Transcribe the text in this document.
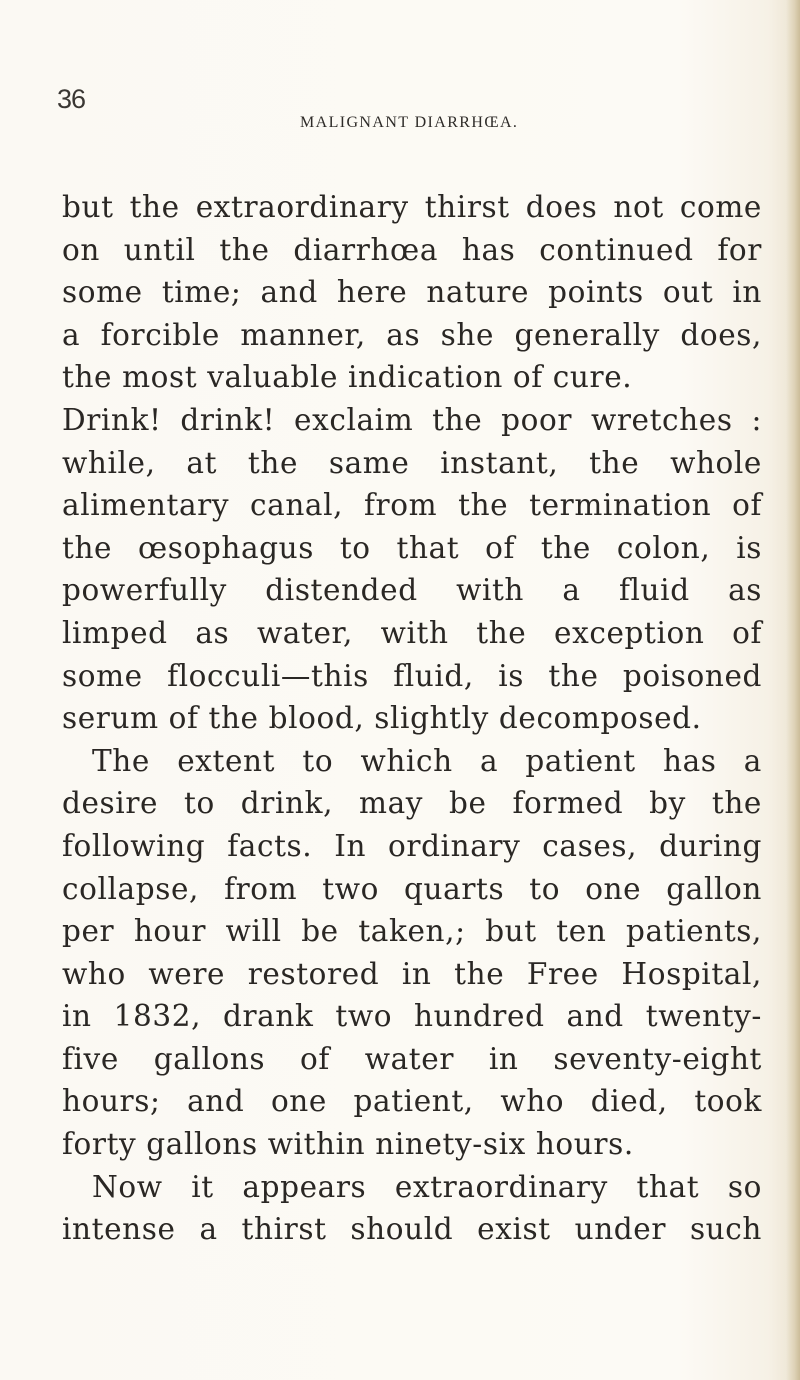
36
MALIGNANT DIARRHŒA.
but the extraordinary thirst does not come
on until the diarrhœa has continued for
some time; and here nature points out in
a forcible manner, as she generally does,
the most valuable indication of cure.
Drink! drink! exclaim the poor wretches :
while, at the same instant, the whole
alimentary canal, from the termination of
the œsophagus to that of the colon, is
powerfully distended with a fluid as
limped as water, with the exception of
some flocculi—this fluid, is the poisoned
serum of the blood, slightly decomposed.
The extent to which a patient has a
desire to drink, may be formed by the
following facts. In ordinary cases, during
collapse, from two quarts to one gallon
per hour will be taken,; but ten patients,
who were restored in the Free Hospital,
in 1832, drank two hundred and twenty-
five gallons of water in seventy-eight
hours; and one patient, who died, took
forty gallons within ninety-six hours.
Now it appears extraordinary that so
intense a thirst should exist under such
